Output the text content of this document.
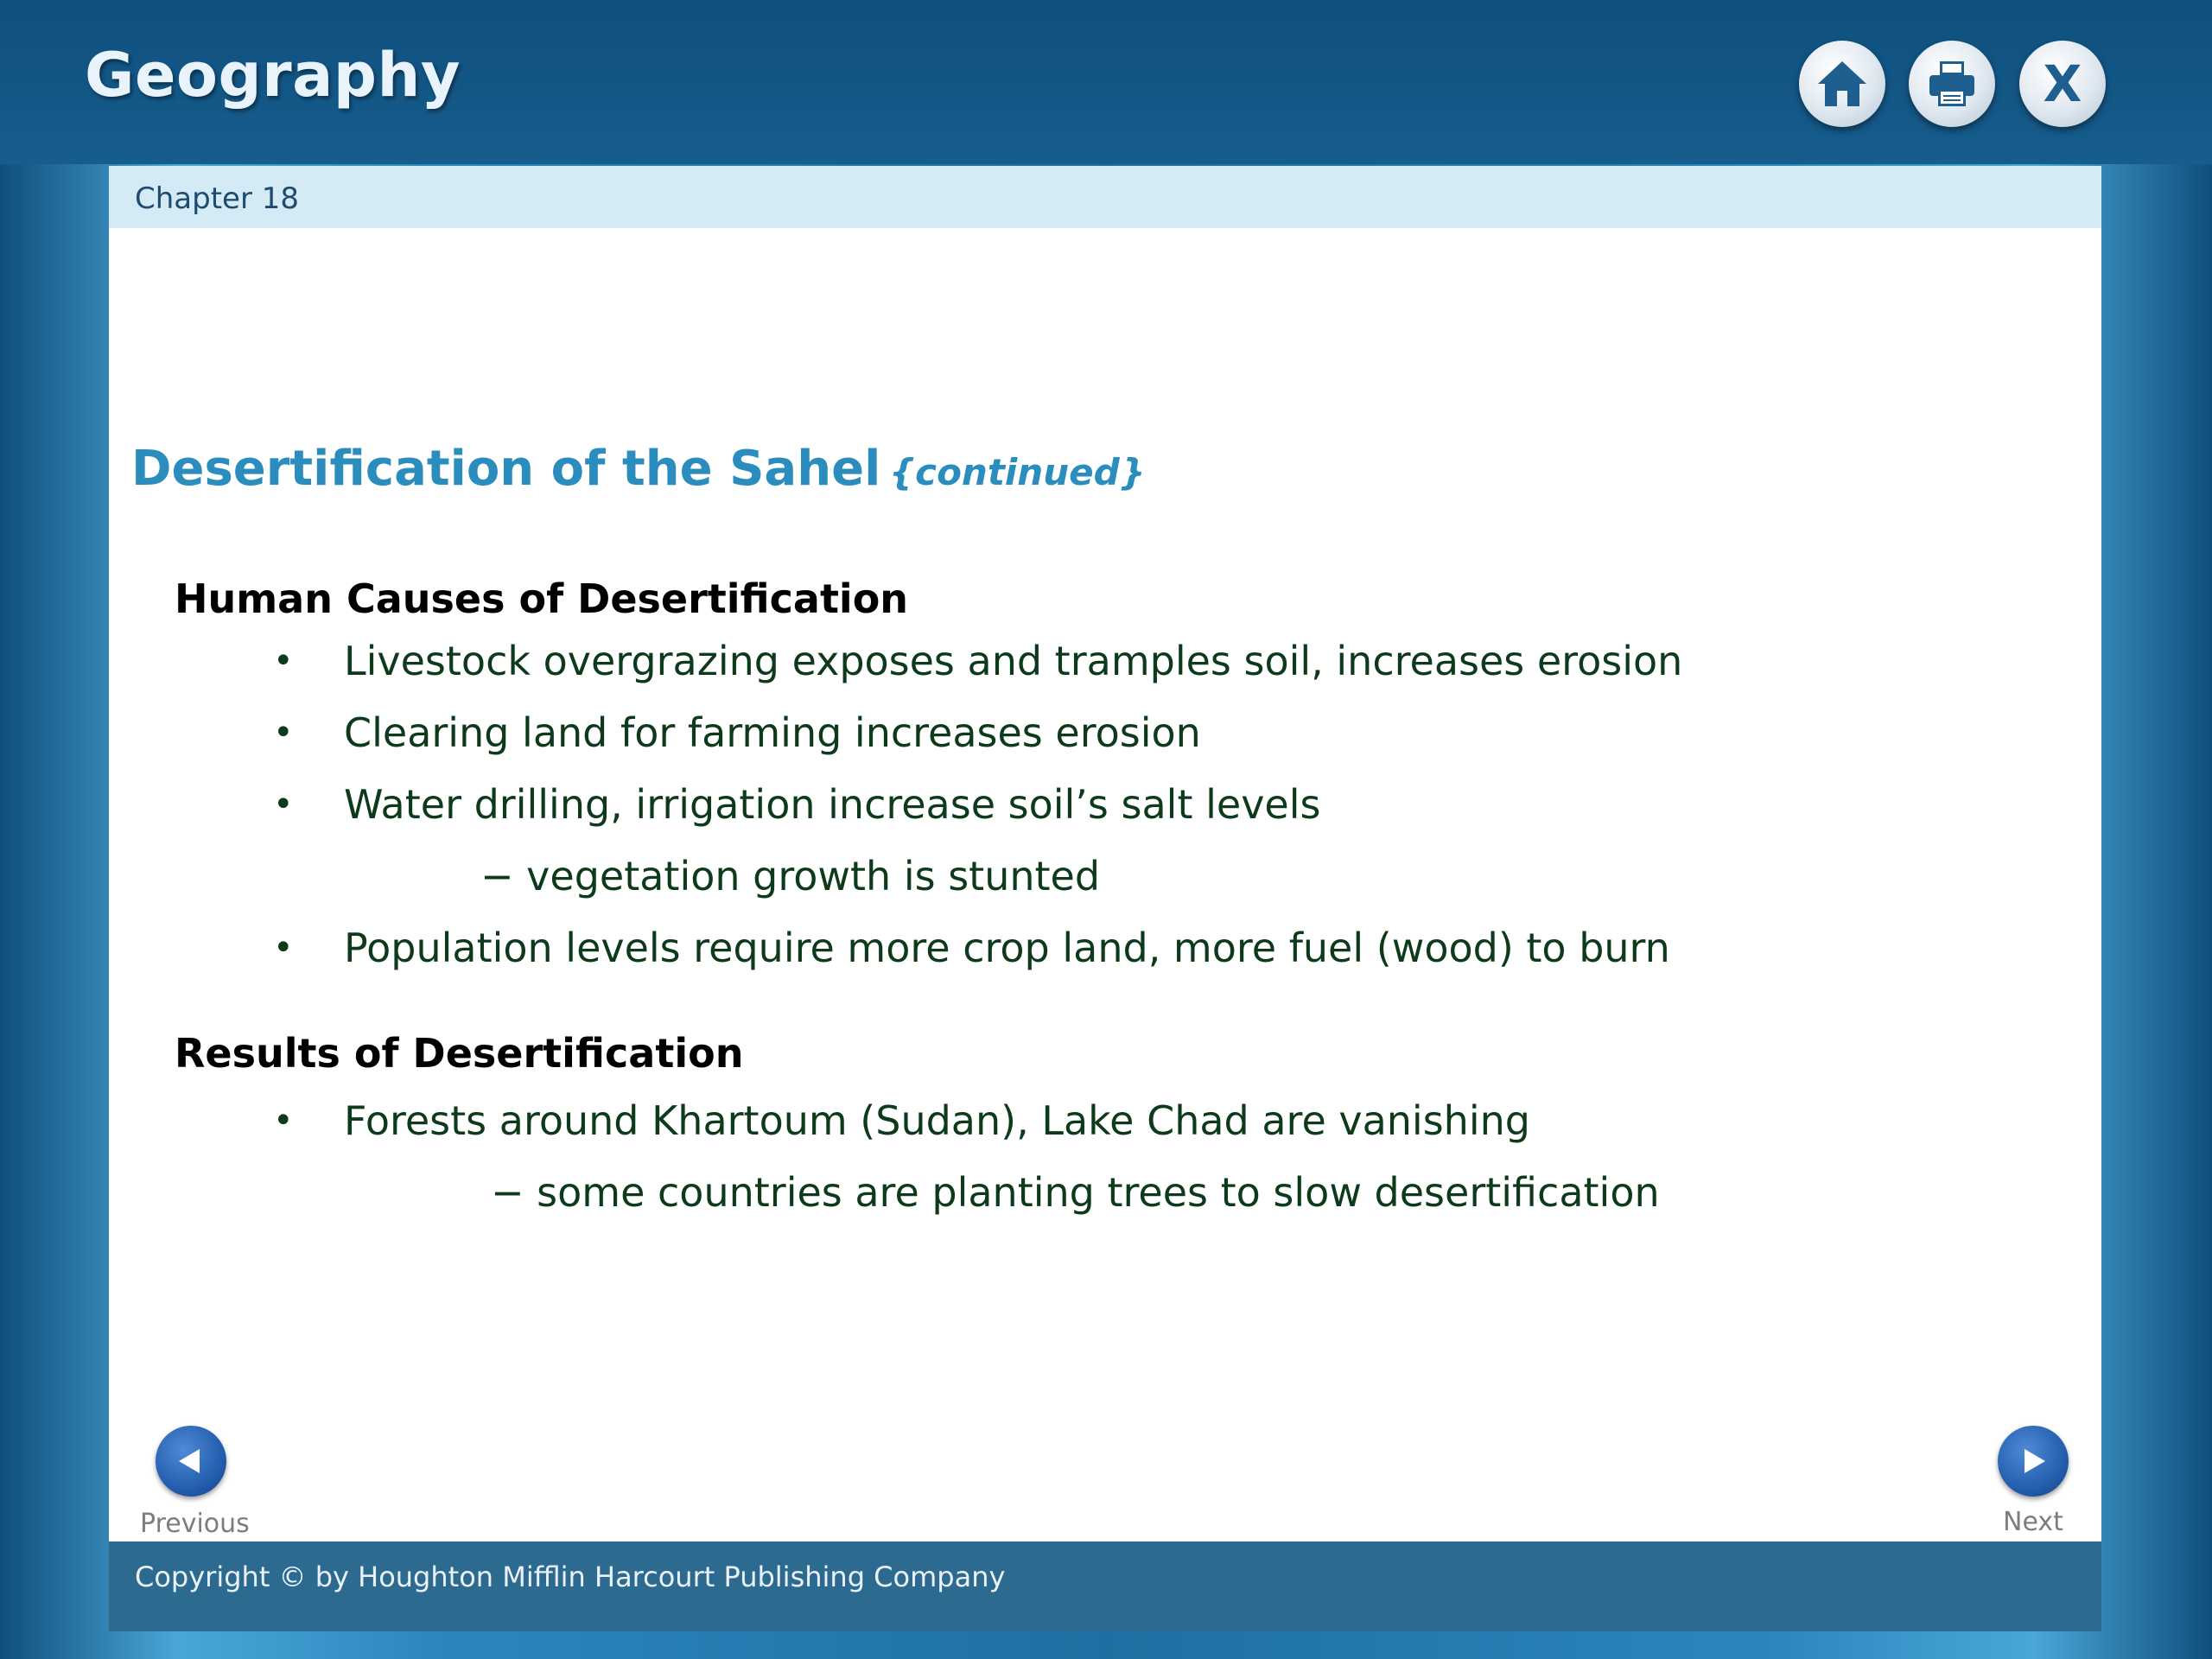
Geography	X
Chapter 18
Desertification of the Sahel {continued}
Human Causes of Desertification
• Livestock overgrazing exposes and tramples soil, increases erosion
• Clearing land for farming increases erosion
• Water drilling, irrigation increase soil’s salt levels
− vegetation growth is stunted
• Population levels require more crop land, more fuel (wood) to burn
Results of Desertification
• Forests around Khartoum (Sudan), Lake Chad are vanishing
− some countries are planting trees to slow desertification
Previous	Next
Copyright © by Houghton Mifflin Harcourt Publishing Company
